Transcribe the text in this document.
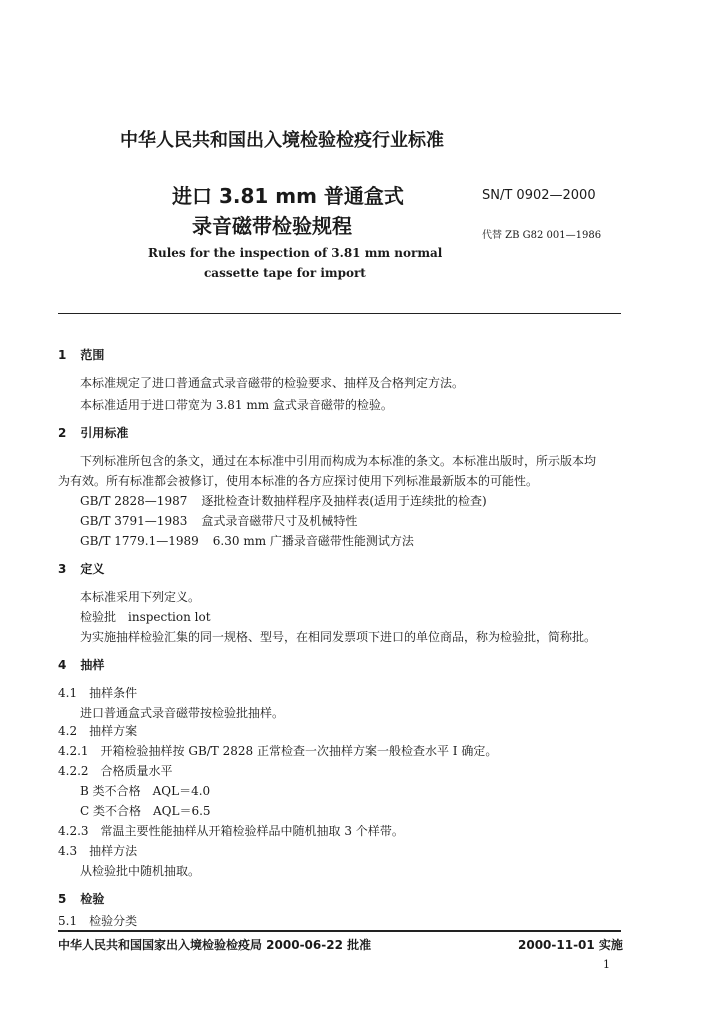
中华人民共和国出入境检验检疫行业标准
进口 3.81 mm 普通盒式
录音磁带检验规程
Rules for the inspection of 3.81 mm normal
cassette tape for import
SN/T 0902—2000
代替 ZB G82 001—1986
1 范围
本标准规定了进口普通盒式录音磁带的检验要求、抽样及合格判定方法。
本标准适用于进口带宽为 3.81 mm 盒式录音磁带的检验。
2 引用标准
下列标准所包含的条文，通过在本标准中引用而构成为本标准的条文。本标准出版时，所示版本均
为有效。所有标准都会被修订，使用本标准的各方应探讨使用下列标准最新版本的可能性。
GB/T 2828—1987 逐批检查计数抽样程序及抽样表(适用于连续批的检查)
GB/T 3791—1983 盒式录音磁带尺寸及机械特性
GB/T 1779.1—1989 6.30 mm 广播录音磁带性能测试方法
3 定义
本标准采用下列定义。
检验批　inspection lot
为实施抽样检验汇集的同一规格、型号，在相同发票项下进口的单位商品，称为检验批，简称批。
4 抽样
4.1 抽样条件
进口普通盒式录音磁带按检验批抽样。
4.2 抽样方案
4.2.1 开箱检验抽样按 GB/T 2828 正常检查一次抽样方案一般检查水平 I 确定。
4.2.2 合格质量水平
B 类不合格　AQL＝4.0
C 类不合格　AQL＝6.5
4.2.3 常温主要性能抽样从开箱检验样品中随机抽取 3 个样带。
4.3 抽样方法
从检验批中随机抽取。
5 检验
5.1 检验分类
中华人民共和国国家出入境检验检疫局 2000-06-22 批准	2000-11-01 实施
1
